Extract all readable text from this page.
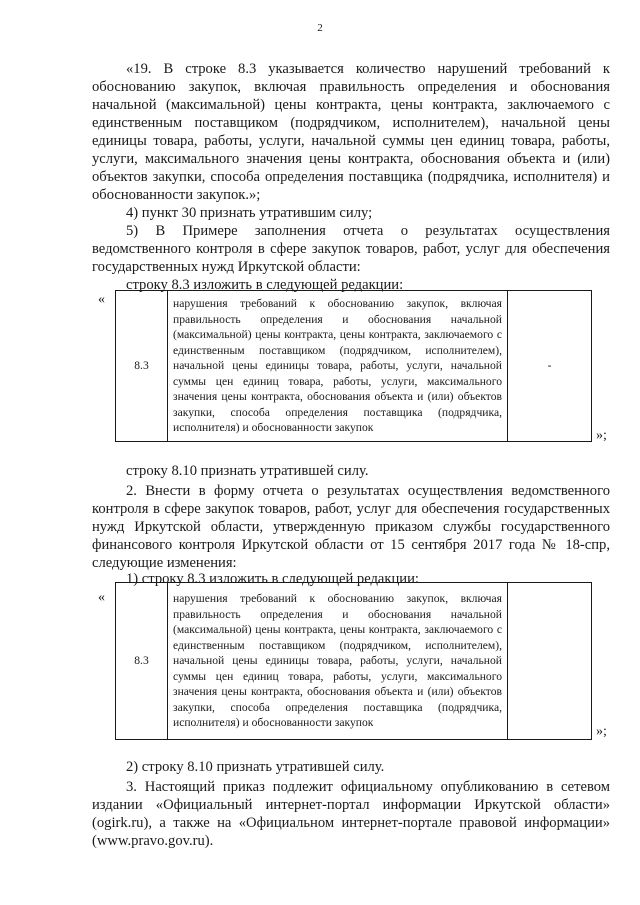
2
«19. В строке 8.3 указывается количество нарушений требований к обоснованию закупок, включая правильность определения и обоснования начальной (максимальной) цены контракта, цены контракта, заключаемого с единственным поставщиком (подрядчиком, исполнителем), начальной цены единицы товара, работы, услуги, начальной суммы цен единиц товара, работы, услуги, максимального значения цены контракта, обоснования объекта и (или) объектов закупки, способа определения поставщика (подрядчика, исполнителя) и обоснованности закупок.»;
4) пункт 30 признать утратившим силу;
5) В Примере заполнения отчета о результатах осуществления ведомственного контроля в сфере закупок товаров, работ, услуг для обеспечения государственных нужд Иркутской области:
строку 8.3 изложить в следующей редакции:
«
8.3	нарушения требований к обоснованию закупок, включая правильность определения и обоснования начальной (максимальной) цены контракта, цены контракта, заключаемого с единственным поставщиком (подрядчиком, исполнителем), начальной цены единицы товара, работы, услуги, начальной суммы цен единиц товара, работы, услуги, максимального значения цены контракта, обоснования объекта и (или) объектов закупки, способа определения поставщика (подрядчика, исполнителя) и обоснованности закупок	-
»;
строку 8.10 признать утратившей силу.
2. Внести в форму отчета о результатах осуществления ведомственного контроля в сфере закупок товаров, работ, услуг для обеспечения государственных нужд Иркутской области, утвержденную приказом службы государственного финансового контроля Иркутской области от 15 сентября 2017 года № 18-спр, следующие изменения:
1) строку 8.3 изложить в следующей редакции:
«
8.3	нарушения требований к обоснованию закупок, включая правильность определения и обоснования начальной (максимальной) цены контракта, цены контракта, заключаемого с единственным поставщиком (подрядчиком, исполнителем), начальной цены единицы товара, работы, услуги, начальной суммы цен единиц товара, работы, услуги, максимального значения цены контракта, обоснования объекта и (или) объектов закупки, способа определения поставщика (подрядчика, исполнителя) и обоснованности закупок	
»;
2) строку 8.10 признать утратившей силу.
3. Настоящий приказ подлежит официальному опубликованию в сетевом издании «Официальный интернет-портал информации Иркутской области» (ogirk.ru), а также на «Официальном интернет-портале правовой информации» (www.pravo.gov.ru).
